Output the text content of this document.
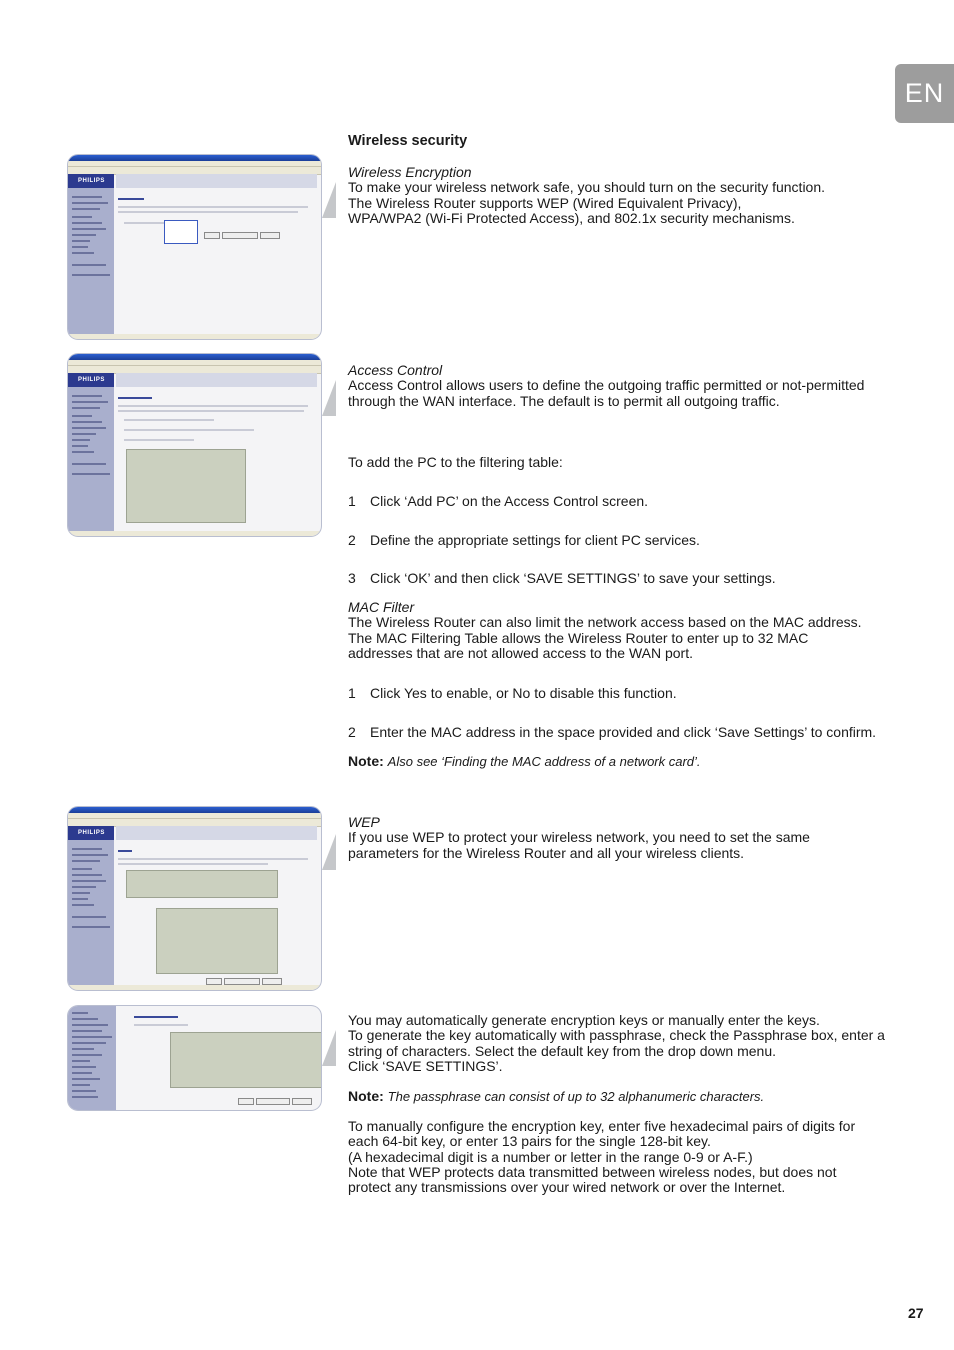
EN
PHILIPS
PHILIPS
PHILIPS

Wireless security

Wireless Encryption
To make your wireless network safe, you should turn on the security function.
The Wireless Router supports WEP (Wired Equivalent Privacy),
WPA/WPA2 (Wi-Fi Protected Access), and 802.1x security mechanisms.
Access Control
Access Control allows users to define the outgoing traffic permitted or not-permitted
through the WAN interface. The default is to permit all outgoing traffic.
To add the PC to the filtering table:
1	Click ‘Add PC’ on the Access Control screen.
2	Define the appropriate settings for client PC services.
3	Click ‘OK’ and then click ‘SAVE SETTINGS’ to save your settings.
MAC Filter
The Wireless Router can also limit the network access based on the MAC address.
The MAC Filtering Table allows the Wireless Router to enter up to 32 MAC
addresses that are not allowed access to the WAN port.
1	Click Yes to enable, or No to disable this function.
2	Enter the MAC address in the space provided and click ‘Save Settings’ to confirm.
Note: Also see ‘Finding the MAC address of a network card’.
WEP
If you use WEP to protect your wireless network, you need to set the same
parameters for the Wireless Router and all your wireless clients.
You may automatically generate encryption keys or manually enter the keys.
To generate the key automatically with passphrase, check the Passphrase box, enter a
string of characters. Select the default key from the drop down menu.
Click ‘SAVE SETTINGS’.
Note: The passphrase can consist of up to 32 alphanumeric characters.
To manually configure the encryption key, enter five hexadecimal pairs of digits for
each 64-bit key, or enter 13 pairs for the single 128-bit key.
(A hexadecimal digit is a number or letter in the range 0-9 or A-F.)
Note that WEP protects data transmitted between wireless nodes, but does not
protect any transmissions over your wired network or over the Internet.
27
